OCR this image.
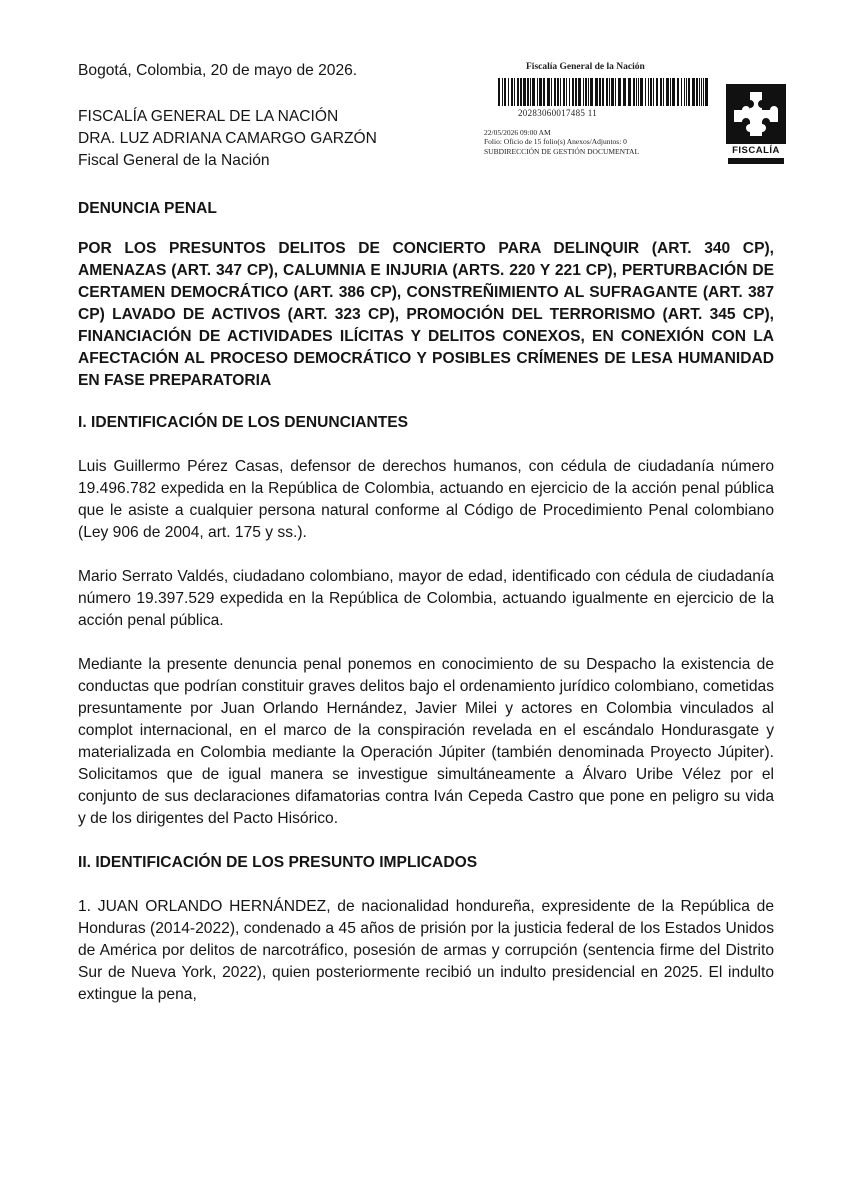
Bogotá, Colombia, 20 de mayo de 2026.

FISCALÍA GENERAL DE LA NACIÓN

DRA. LUZ ADRIANA CAMARGO GARZÓN

Fiscal General de la Nación

Fiscalía General de la Nación
20283060017485 11
22/05/2026 09:00 AM
Folio: Oficio de 15 folio(s) Anexos/Adjuntos: 0
SUBDIRECCIÓN DE GESTIÓN DOCUMENTAL	FISCALÍA

DENUNCIA PENAL

POR LOS PRESUNTOS DELITOS DE CONCIERTO PARA DELINQUIR (ART. 340 CP), AMENAZAS (ART. 347 CP), CALUMNIA E INJURIA (ARTS. 220 Y 221 CP), PERTURBACIÓN DE CERTAMEN DEMOCRÁTICO (ART. 386 CP), CONSTREÑIMIENTO AL SUFRAGANTE (ART. 387 CP) LAVADO DE ACTIVOS (ART. 323 CP), PROMOCIÓN DEL TERRORISMO (ART. 345 CP), FINANCIACIÓN DE ACTIVIDADES ILÍCITAS Y DELITOS CONEXOS, EN CONEXIÓN CON LA AFECTACIÓN AL PROCESO DEMOCRÁTICO Y POSIBLES CRÍMENES DE LESA HUMANIDAD EN FASE PREPARATORIA

I. IDENTIFICACIÓN DE LOS DENUNCIANTES

Luis Guillermo Pérez Casas, defensor de derechos humanos, con cédula de ciudadanía número 19.496.782 expedida en la República de Colombia, actuando en ejercicio de la acción penal pública que le asiste a cualquier persona natural conforme al Código de Procedimiento Penal colombiano (Ley 906 de 2004, art. 175 y ss.).

Mario Serrato Valdés, ciudadano colombiano, mayor de edad, identificado con cédula de ciudadanía número 19.397.529 expedida en la República de Colombia, actuando igualmente en ejercicio de la acción penal pública.

Mediante la presente denuncia penal ponemos en conocimiento de su Despacho la existencia de conductas que podrían constituir graves delitos bajo el ordenamiento jurídico colombiano, cometidas presuntamente por Juan Orlando Hernández, Javier Milei y actores en Colombia vinculados al complot internacional, en el marco de la conspiración revelada en el escándalo Hondurasgate y materializada en Colombia mediante la Operación Júpiter (también denominada Proyecto Júpiter). Solicitamos que de igual manera se investigue simultáneamente a Álvaro Uribe Vélez por el conjunto de sus declaraciones difamatorias contra Iván Cepeda Castro que pone en peligro su vida y de los dirigentes del Pacto Hisórico.

II. IDENTIFICACIÓN DE LOS PRESUNTO IMPLICADOS

1. JUAN ORLANDO HERNÁNDEZ, de nacionalidad hondureña, expresidente de la República de Honduras (2014-2022), condenado a 45 años de prisión por la justicia federal de los Estados Unidos de América por delitos de narcotráfico, posesión de armas y corrupción (sentencia firme del Distrito Sur de Nueva York, 2022), quien posteriormente recibió un indulto presidencial en 2025. El indulto extingue la pena,
